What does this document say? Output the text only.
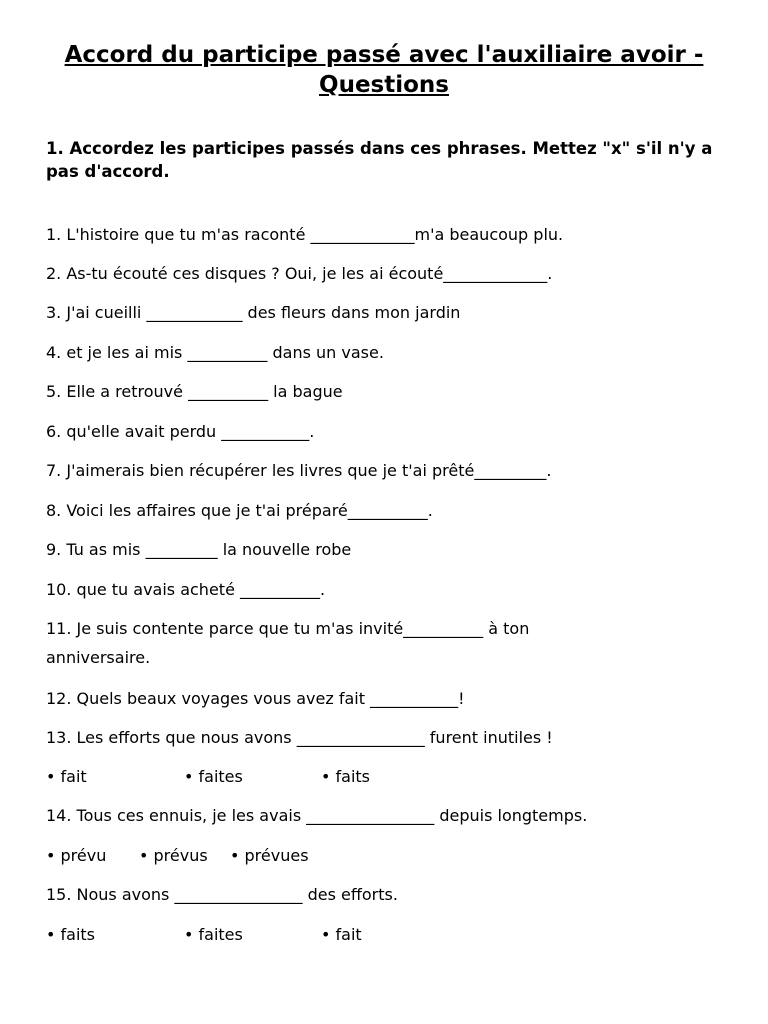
Accord du participe passé avec l'auxiliaire avoir - Questions
1. Accordez les participes passés dans ces phrases. Mettez "x" s'il n'y a pas d'accord.
1. L'histoire que tu m'as raconté _____________m'a beaucoup plu.
2. As-tu écouté ces disques ? Oui, je les ai écouté_____________.
3. J'ai cueilli ____________ des fleurs dans mon jardin
4. et je les ai mis __________ dans un vase.
5. Elle a retrouvé __________ la bague
6. qu'elle avait perdu ___________.
7. J'aimerais bien récupérer les livres que je t'ai prêté_________.
8. Voici les affaires que je t'ai préparé__________.
9. Tu as mis _________ la nouvelle robe
10. que tu avais acheté __________.
11. Je suis contente parce que tu m'as invité__________ à ton anniversaire.
12. Quels beaux voyages vous avez fait ___________!
13. Les efforts que nous avons ________________ furent inutiles !
• fait	• faites	• faits
14. Tous ces ennuis, je les avais ________________ depuis longtemps.
• prévu • prévus • prévues
15. Nous avons ________________ des efforts.
• faits	• faites	• fait
